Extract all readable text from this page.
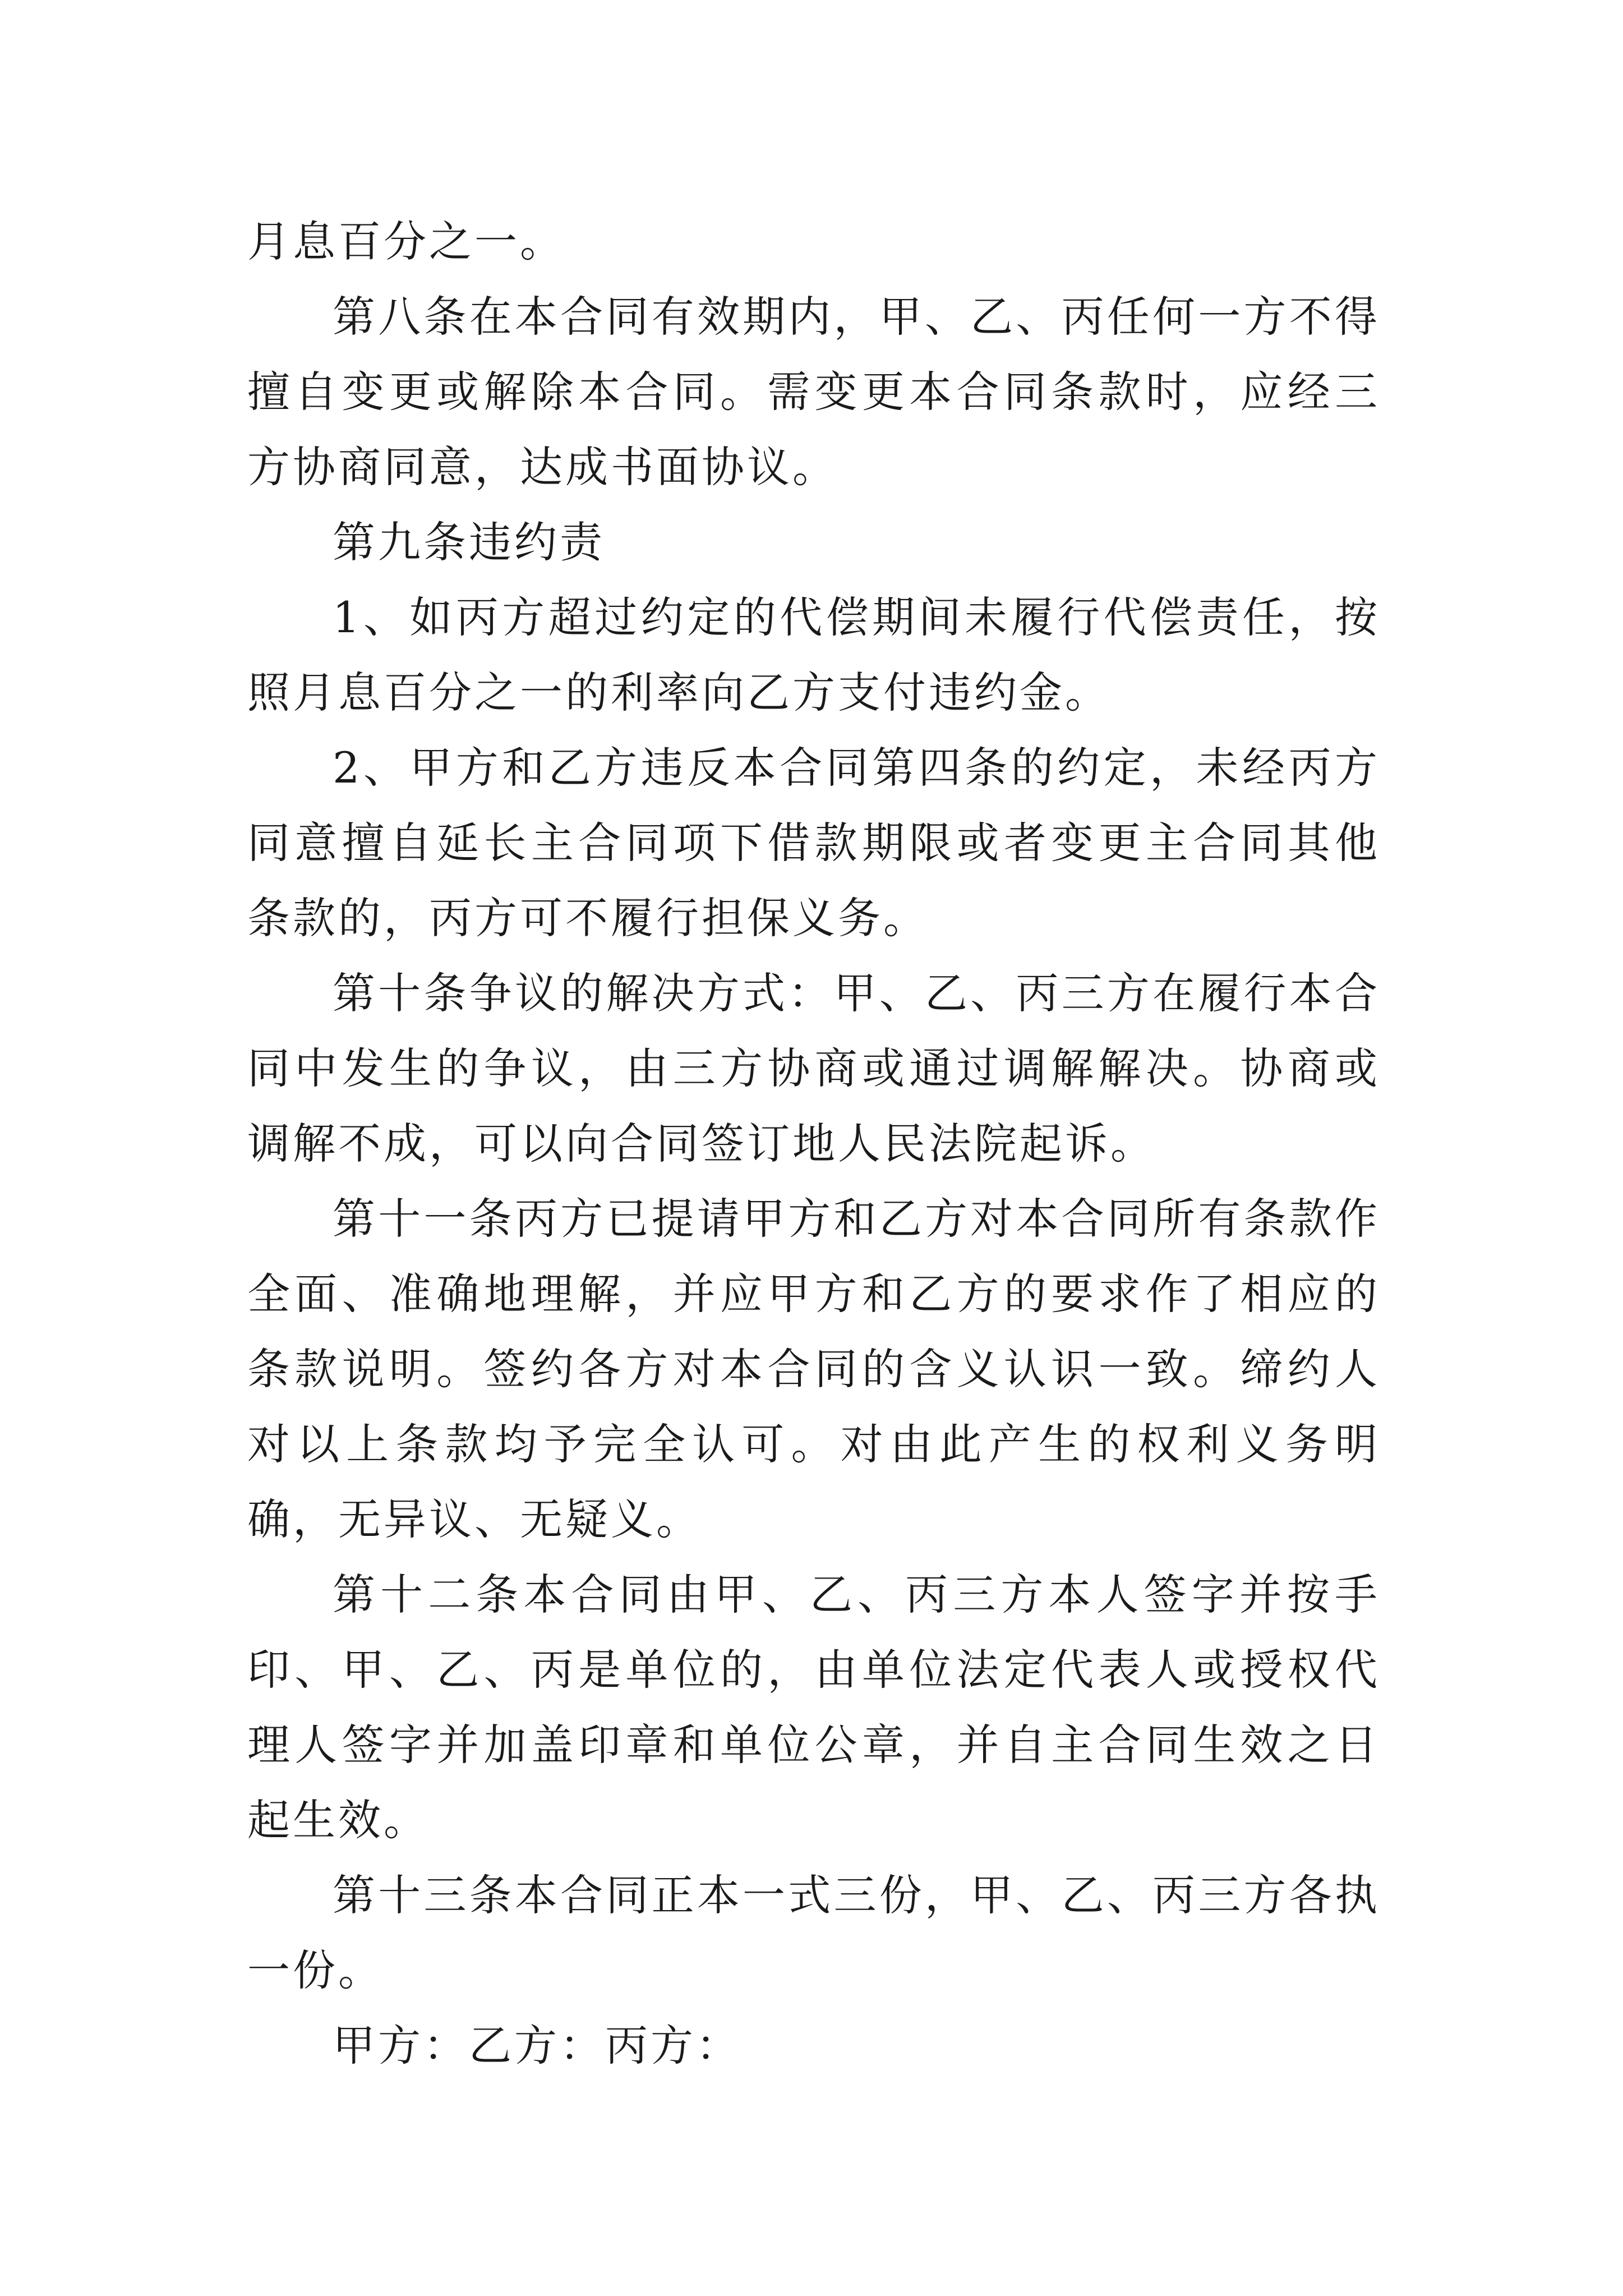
月息百分之一。

第八条在本合同有效期内，甲、乙、丙任何一方不得擅自变更或解除本合同。需变更本合同条款时，应经三方协商同意，达成书面协议。

第九条违约责

1、如丙方超过约定的代偿期间未履行代偿责任，按照月息百分之一的利率向乙方支付违约金。

2、甲方和乙方违反本合同第四条的约定，未经丙方同意擅自延长主合同项下借款期限或者变更主合同其他条款的，丙方可不履行担保义务。

第十条争议的解决方式：甲、乙、丙三方在履行本合同中发生的争议，由三方协商或通过调解解决。协商或调解不成，可以向合同签订地人民法院起诉。

第十一条丙方已提请甲方和乙方对本合同所有条款作全面、准确地理解，并应甲方和乙方的要求作了相应的条款说明。签约各方对本合同的含义认识一致。缔约人对以上条款均予完全认可。对由此产生的权利义务明确，无异议、无疑义。

第十二条本合同由甲、乙、丙三方本人签字并按手印、甲、乙、丙是单位的，由单位法定代表人或授权代理人签字并加盖印章和单位公章，并自主合同生效之日起生效。

第十三条本合同正本一式三份，甲、乙、丙三方各执一份。

甲方：乙方：丙方：
